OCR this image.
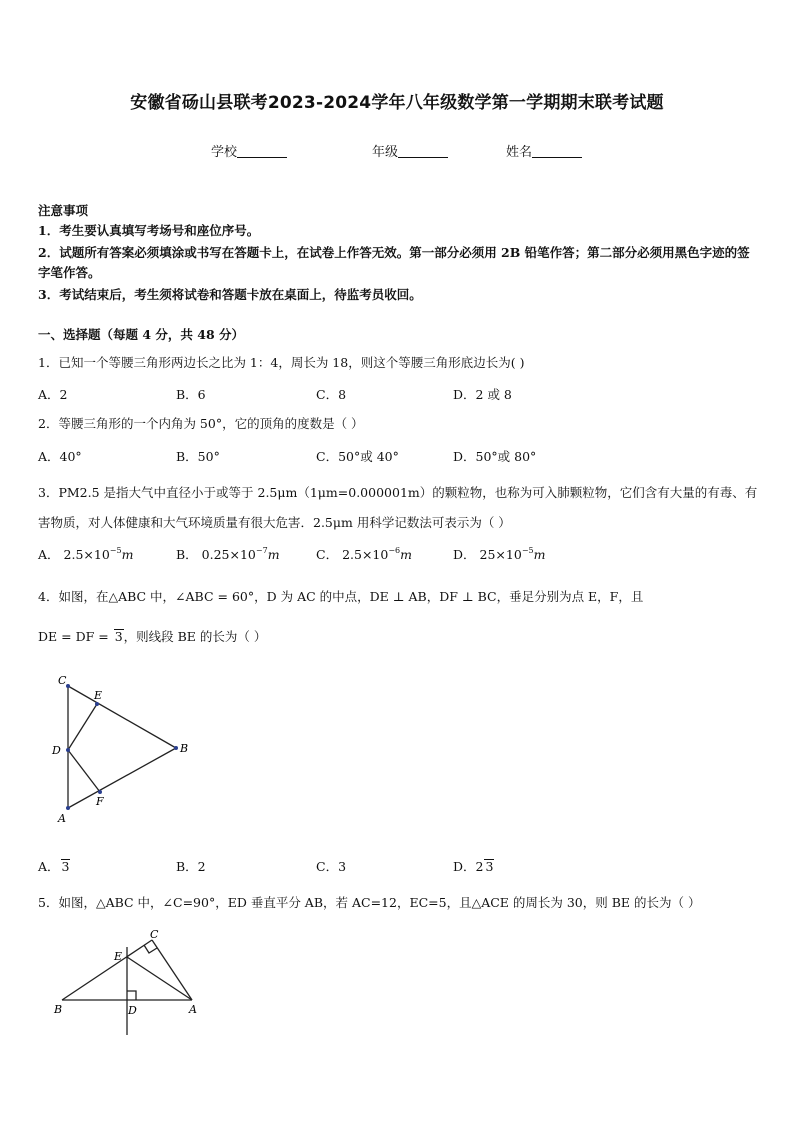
安徽省砀山县联考2023-2024学年八年级数学第一学期期末联考试题
学校	年级	姓名
注意事项
1．考生要认真填写考场号和座位序号。
2．试题所有答案必须填涂或书写在答题卡上，在试卷上作答无效。第一部分必须用 2B 铅笔作答；第二部分必须用黑色字迹的签字笔作答。
3．考试结束后，考生须将试卷和答题卡放在桌面上，待监考员收回。
一、选择题（每题 4 分，共 48 分）
1．已知一个等腰三角形两边长之比为 1：4，周长为 18，则这个等腰三角形底边长为( )
A．2	B．6	C．8	D．2 或 8
2．等腰三角形的一个内角为 50°，它的顶角的度数是（ ）
A．40°	B．50°	C．50°或 40°	D．50°或 80°
3．PM2.5 是指大气中直径小于或等于 2.5μm（1μm=0.000001m）的颗粒物，也称为可入肺颗粒物，它们含有大量的有毒、有害物质，对人体健康和大气环境质量有很大危害．2.5μm 用科学记数法可表示为（ ）
A． $2.5\times 10^{-5}m$	B． $0.25\times 10^{-7}m$	C． $2.5\times 10^{-6}m$	D． $25\times 10^{-5}m$
4．如图，在△ABC 中，∠ABC = 60°，D 为 AC 的中点，DE ⊥ AB，DF ⊥ BC，垂足分别为点 E，F，且
DE = DF = 3，则线段 BE 的长为（ ）
C
E
D	B
F
A
A． 3	B．2	C．3	D．2 3
5．如图，△ABC 中，∠C=90°，ED 垂直平分 AB，若 AC=12，EC=5，且△ACE 的周长为 30，则 BE 的长为（ ）
C
E
B	D	A
